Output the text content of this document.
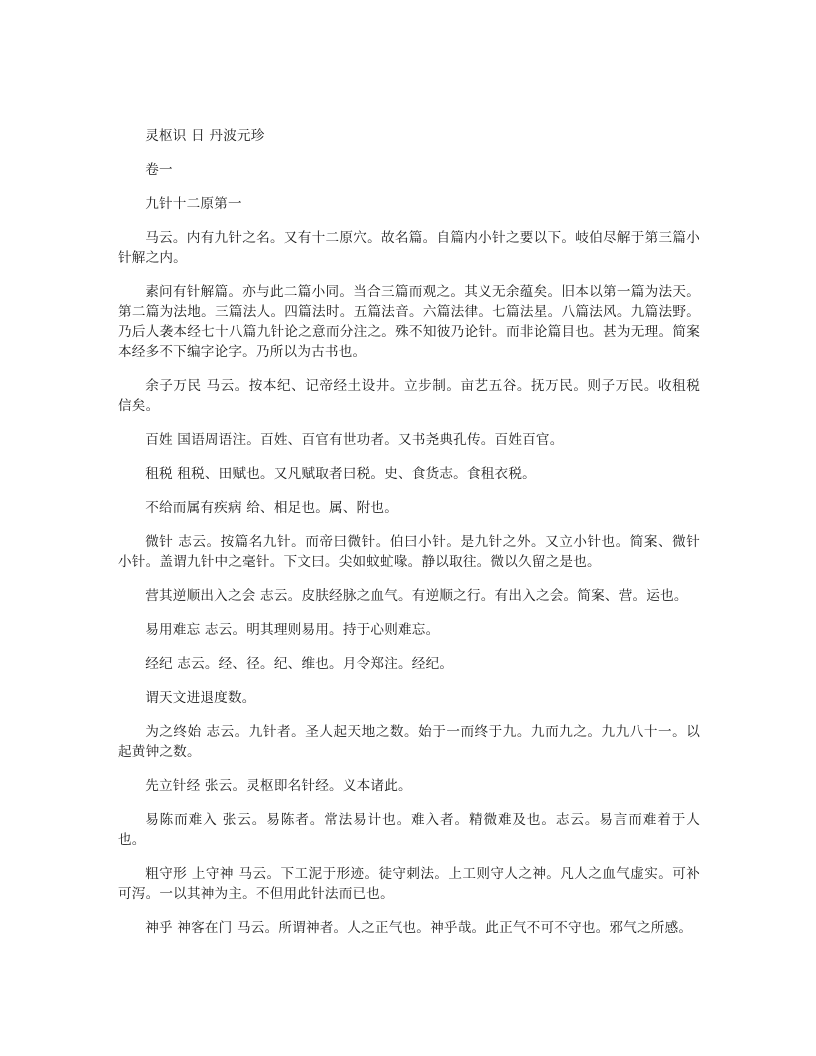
灵枢识 日 丹波元珍

卷一

九针十二原第一

马云。内有九针之名。又有十二原穴。故名篇。自篇内小针之要以下。岐伯尽解于第三篇小针解之内。

素问有针解篇。亦与此二篇小同。当合三篇而观之。其义无余蕴矣。旧本以第一篇为法天。第二篇为法地。三篇法人。四篇法时。五篇法音。六篇法律。七篇法星。八篇法风。九篇法野。乃后人袭本经七十八篇九针论之意而分注之。殊不知彼乃论针。而非论篇目也。甚为无理。简案本经多不下编字论字。乃所以为古书也。

余子万民 马云。按本纪、记帝经土设井。立步制。亩艺五谷。抚万民。则子万民。收租税信矣。

百姓 国语周语注。百姓、百官有世功者。又书尧典孔传。百姓百官。

租税 租税、田赋也。又凡赋取者曰税。史、食货志。食租衣税。

不给而属有疾病 给、相足也。属、附也。

微针 志云。按篇名九针。而帝曰微针。伯曰小针。是九针之外。又立小针也。简案、微针小针。盖谓九针中之毫针。下文曰。尖如蚊虻喙。静以取往。微以久留之是也。

营其逆顺出入之会 志云。皮肤经脉之血气。有逆顺之行。有出入之会。简案、营。运也。

易用难忘 志云。明其理则易用。持于心则难忘。

经纪 志云。经、径。纪、维也。月令郑注。经纪。

谓天文进退度数。

为之终始 志云。九针者。圣人起天地之数。始于一而终于九。九而九之。九九八十一。以起黄钟之数。

先立针经 张云。灵枢即名针经。义本诸此。

易陈而难入 张云。易陈者。常法易计也。难入者。精微难及也。志云。易言而难着于人也。

粗守形 上守神 马云。下工泥于形迹。徒守刺法。上工则守人之神。凡人之血气虚实。可补可泻。一以其神为主。不但用此针法而已也。

神乎 神客在门 马云。所谓神者。人之正气也。神乎哉。此正气不可不守也。邪气之所感。
